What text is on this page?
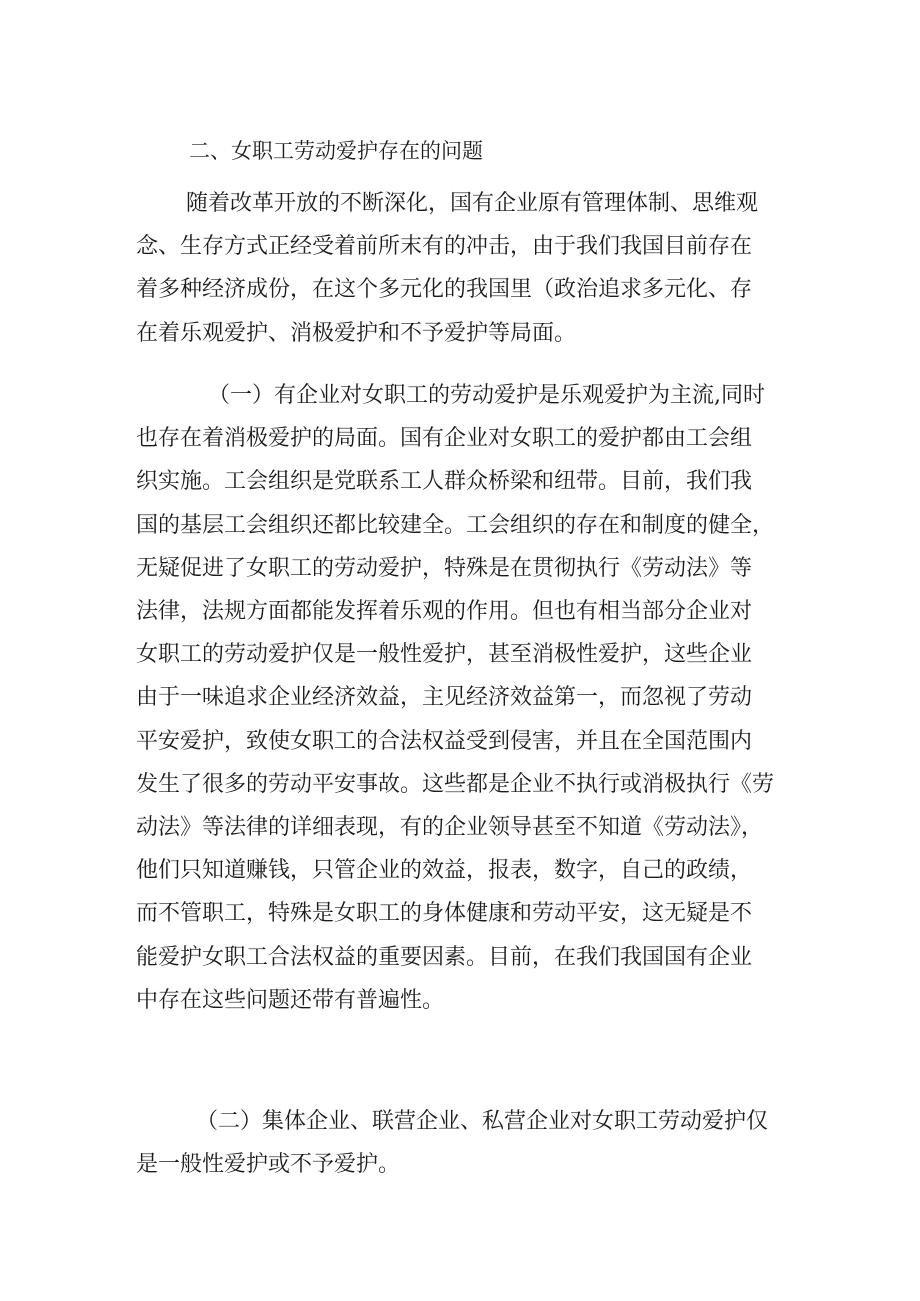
二、女职工劳动爱护存在的问题
随着改革开放的不断深化，国有企业原有管理体制、思维观
念、生存方式正经受着前所末有的冲击，由于我们我国目前存在
着多种经济成份，在这个多元化的我国里（政治追求多元化、存
在着乐观爱护、消极爱护和不予爱护等局面。
（一）有企业对女职工的劳动爱护是乐观爱护为主流,同时
也存在着消极爱护的局面。国有企业对女职工的爱护都由工会组
织实施。工会组织是党联系工人群众桥梁和纽带。目前，我们我
国的基层工会组织还都比较建全。工会组织的存在和制度的健全，
无疑促进了女职工的劳动爱护，特殊是在贯彻执行《劳动法》等
法律，法规方面都能发挥着乐观的作用。但也有相当部分企业对
女职工的劳动爱护仅是一般性爱护，甚至消极性爱护，这些企业
由于一味追求企业经济效益，主见经济效益第一，而忽视了劳动
平安爱护，致使女职工的合法权益受到侵害，并且在全国范围内
发生了很多的劳动平安事故。这些都是企业不执行或消极执行《劳
动法》等法律的详细表现，有的企业领导甚至不知道《劳动法》，
他们只知道赚钱，只管企业的效益，报表，数字，自己的政绩，
而不管职工，特殊是女职工的身体健康和劳动平安，这无疑是不
能爱护女职工合法权益的重要因素。目前，在我们我国国有企业
中存在这些问题还带有普遍性。
（二）集体企业、联营企业、私营企业对女职工劳动爱护仅
是一般性爱护或不予爱护。
